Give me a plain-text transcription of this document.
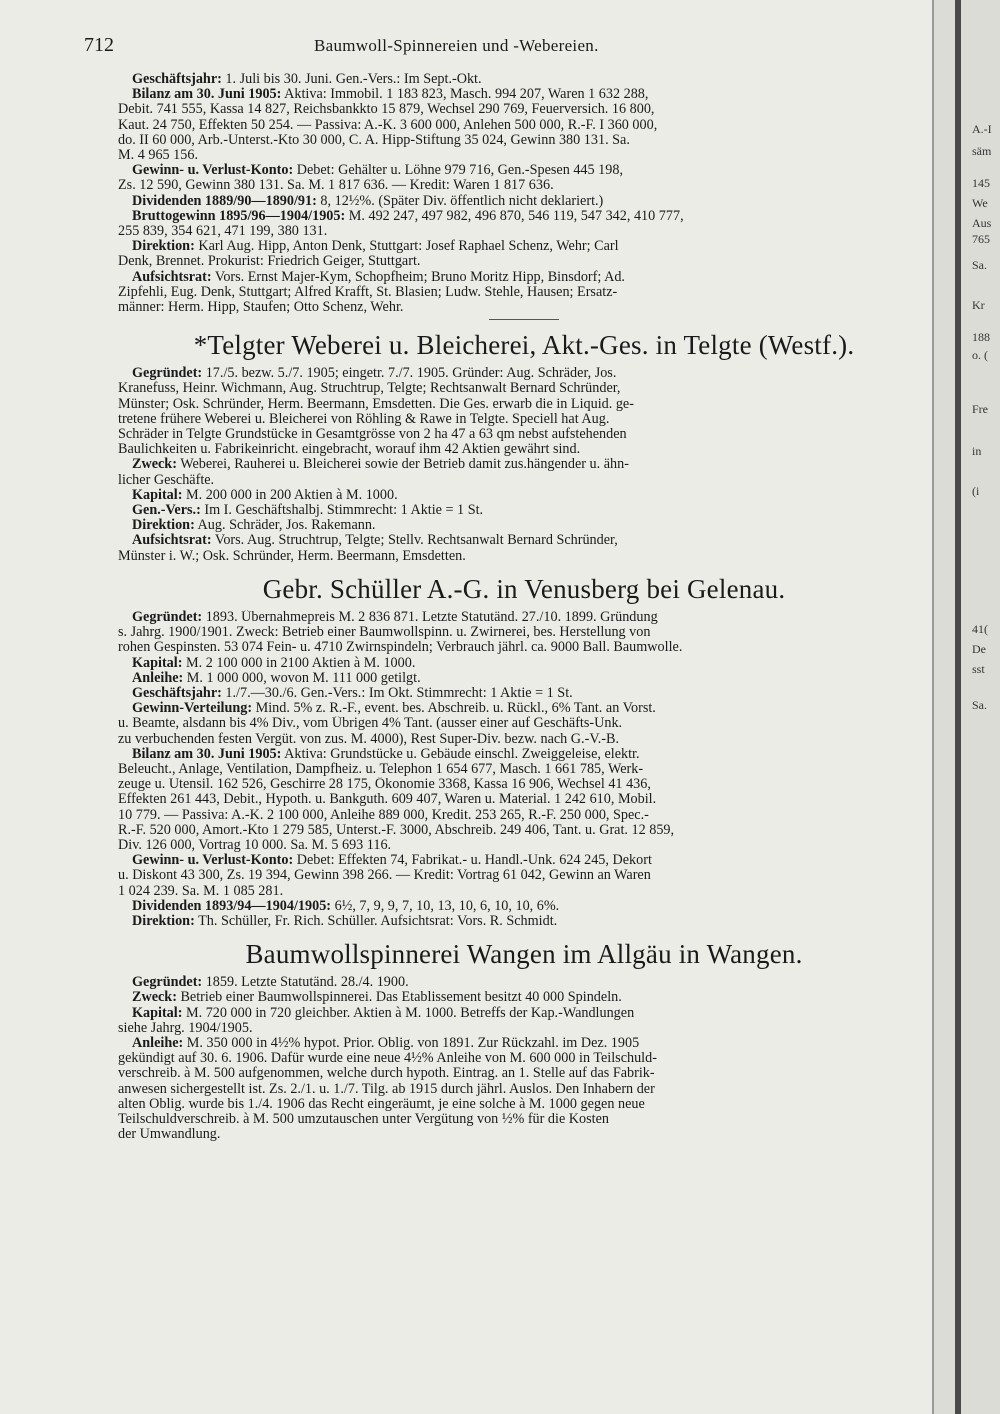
A.-I
säm
145
We
Aus
765
Sa.
Kr
188
o. (
Fre
in
(i
41(
De
sst
Sa.
712	Baumwoll-Spinnereien und -Webereien.
Geschäftsjahr: 1. Juli bis 30. Juni. Gen.-Vers.: Im Sept.-Okt.
Bilanz am 30. Juni 1905: Aktiva: Immobil. 1 183 823, Masch. 994 207, Waren 1 632 288,
Debit. 741 555, Kassa 14 827, Reichsbankkto 15 879, Wechsel 290 769, Feuerversich. 16 800,
Kaut. 24 750, Effekten 50 254. — Passiva: A.-K. 3 600 000, Anlehen 500 000, R.-F. I 360 000,
do. II 60 000, Arb.-Unterst.-Kto 30 000, C. A. Hipp-Stiftung 35 024, Gewinn 380 131. Sa.
M. 4 965 156.
Gewinn- u. Verlust-Konto: Debet: Gehälter u. Löhne 979 716, Gen.-Spesen 445 198,
Zs. 12 590, Gewinn 380 131. Sa. M. 1 817 636. — Kredit: Waren 1 817 636.
Dividenden 1889/90—1890/91: 8, 12½%. (Später Div. öffentlich nicht deklariert.)
Bruttogewinn 1895/96—1904/1905: M. 492 247, 497 982, 496 870, 546 119, 547 342, 410 777,
255 839, 354 621, 471 199, 380 131.
Direktion: Karl Aug. Hipp, Anton Denk, Stuttgart: Josef Raphael Schenz, Wehr; Carl
Denk, Brennet. Prokurist: Friedrich Geiger, Stuttgart.
Aufsichtsrat: Vors. Ernst Majer-Kym, Schopfheim; Bruno Moritz Hipp, Binsdorf; Ad.
Zipfehli, Eug. Denk, Stuttgart; Alfred Krafft, St. Blasien; Ludw. Stehle, Hausen; Ersatz-
männer: Herm. Hipp, Staufen; Otto Schenz, Wehr.
*Telgter Weberei u. Bleicherei, Akt.-Ges. in Telgte (Westf.).
Gegründet: 17./5. bezw. 5./7. 1905; eingetr. 7./7. 1905. Gründer: Aug. Schräder, Jos.
Kranefuss, Heinr. Wichmann, Aug. Struchtrup, Telgte; Rechtsanwalt Bernard Schründer,
Münster; Osk. Schründer, Herm. Beermann, Emsdetten. Die Ges. erwarb die in Liquid. ge-
tretene frühere Weberei u. Bleicherei von Röhling & Rawe in Telgte. Speciell hat Aug.
Schräder in Telgte Grundstücke in Gesamtgrösse von 2 ha 47 a 63 qm nebst aufstehenden
Baulichkeiten u. Fabrikeinricht. eingebracht, worauf ihm 42 Aktien gewährt sind.
Zweck: Weberei, Rauherei u. Bleicherei sowie der Betrieb damit zus.hängender u. ähn-
licher Geschäfte.
Kapital: M. 200 000 in 200 Aktien à M. 1000.
Gen.-Vers.: Im I. Geschäftshalbj. Stimmrecht: 1 Aktie = 1 St.
Direktion: Aug. Schräder, Jos. Rakemann.
Aufsichtsrat: Vors. Aug. Struchtrup, Telgte; Stellv. Rechtsanwalt Bernard Schründer,
Münster i. W.; Osk. Schründer, Herm. Beermann, Emsdetten.
Gebr. Schüller A.-G. in Venusberg bei Gelenau.
Gegründet: 1893. Übernahmepreis M. 2 836 871. Letzte Statutänd. 27./10. 1899. Gründung
s. Jahrg. 1900/1901. Zweck: Betrieb einer Baumwollspinn. u. Zwirnerei, bes. Herstellung von
rohen Gespinsten. 53 074 Fein- u. 4710 Zwirnspindeln; Verbrauch jährl. ca. 9000 Ball. Baumwolle.
Kapital: M. 2 100 000 in 2100 Aktien à M. 1000.
Anleihe: M. 1 000 000, wovon M. 111 000 getilgt.
Geschäftsjahr: 1./7.—30./6. Gen.-Vers.: Im Okt. Stimmrecht: 1 Aktie = 1 St.
Gewinn-Verteilung: Mind. 5% z. R.-F., event. bes. Abschreib. u. Rückl., 6% Tant. an Vorst.
u. Beamte, alsdann bis 4% Div., vom Übrigen 4% Tant. (ausser einer auf Geschäfts-Unk.
zu verbuchenden festen Vergüt. von zus. M. 4000), Rest Super-Div. bezw. nach G.-V.-B.
Bilanz am 30. Juni 1905: Aktiva: Grundstücke u. Gebäude einschl. Zweiggeleise, elektr.
Beleucht., Anlage, Ventilation, Dampfheiz. u. Telephon 1 654 677, Masch. 1 661 785, Werk-
zeuge u. Utensil. 162 526, Geschirre 28 175, Ökonomie 3368, Kassa 16 906, Wechsel 41 436,
Effekten 261 443, Debit., Hypoth. u. Bankguth. 609 407, Waren u. Material. 1 242 610, Mobil.
10 779. — Passiva: A.-K. 2 100 000, Anleihe 889 000, Kredit. 253 265, R.-F. 250 000, Spec.-
R.-F. 520 000, Amort.-Kto 1 279 585, Unterst.-F. 3000, Abschreib. 249 406, Tant. u. Grat. 12 859,
Div. 126 000, Vortrag 10 000. Sa. M. 5 693 116.
Gewinn- u. Verlust-Konto: Debet: Effekten 74, Fabrikat.- u. Handl.-Unk. 624 245, Dekort
u. Diskont 43 300, Zs. 19 394, Gewinn 398 266. — Kredit: Vortrag 61 042, Gewinn an Waren
1 024 239. Sa. M. 1 085 281.
Dividenden 1893/94—1904/1905: 6½, 7, 9, 9, 7, 10, 13, 10, 6, 10, 10, 6%.
Direktion: Th. Schüller, Fr. Rich. Schüller. Aufsichtsrat: Vors. R. Schmidt.
Baumwollspinnerei Wangen im Allgäu in Wangen.
Gegründet: 1859. Letzte Statutänd. 28./4. 1900.
Zweck: Betrieb einer Baumwollspinnerei. Das Etablissement besitzt 40 000 Spindeln.
Kapital: M. 720 000 in 720 gleichber. Aktien à M. 1000. Betreffs der Kap.-Wandlungen
siehe Jahrg. 1904/1905.
Anleihe: M. 350 000 in 4½% hypot. Prior. Oblig. von 1891. Zur Rückzahl. im Dez. 1905
gekündigt auf 30. 6. 1906. Dafür wurde eine neue 4½% Anleihe von M. 600 000 in Teilschuld-
verschreib. à M. 500 aufgenommen, welche durch hypoth. Eintrag. an 1. Stelle auf das Fabrik-
anwesen sichergestellt ist. Zs. 2./1. u. 1./7. Tilg. ab 1915 durch jährl. Auslos. Den Inhabern der
alten Oblig. wurde bis 1./4. 1906 das Recht eingeräumt, je eine solche à M. 1000 gegen neue
Teilschuldverschreib. à M. 500 umzutauschen unter Vergütung von ½% für die Kosten
der Umwandlung.
